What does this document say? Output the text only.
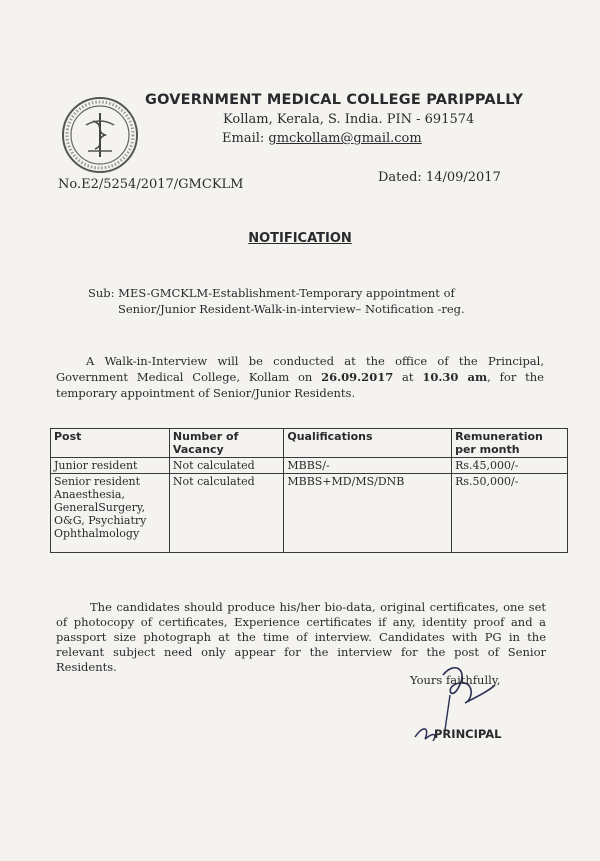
GOVERNMENT MEDICAL COLLEGE PARIPPALLY
Kollam, Kerala, S. India. PIN - 691574
Email: gmckollam@gmail.com
No.E2/5254/2017/GMCKLM	Dated: 14/09/2017
NOTIFICATION
Sub: MES-GMCKLM-Establishment-Temporary appointment of
Senior/Junior Resident-Walk-in-interview– Notification -reg.

A Walk-in-Interview will be conducted at the office of the Principal, Government Medical College, Kollam on 26.09.2017 at 10.30 am, for the temporary appointment of Senior/Junior Residents.

Post	Number of Vacancy	Qualifications	Remuneration per month
Junior resident	Not calculated	MBBS/-	Rs.45,000/-
Senior resident Anaesthesia, GeneralSurgery, O&G, Psychiatry Ophthalmology	Not calculated	MBBS+MD/MS/DNB	Rs.50,000/-

The candidates should produce his/her bio-data, original certificates, one set of photocopy of certificates, Experience certificates if any, identity proof and a passport size photograph at the time of interview. Candidates with PG in the relevant subject need only appear for the interview for the post of Senior Residents.

Yours faithfully,
PRINCIPAL
